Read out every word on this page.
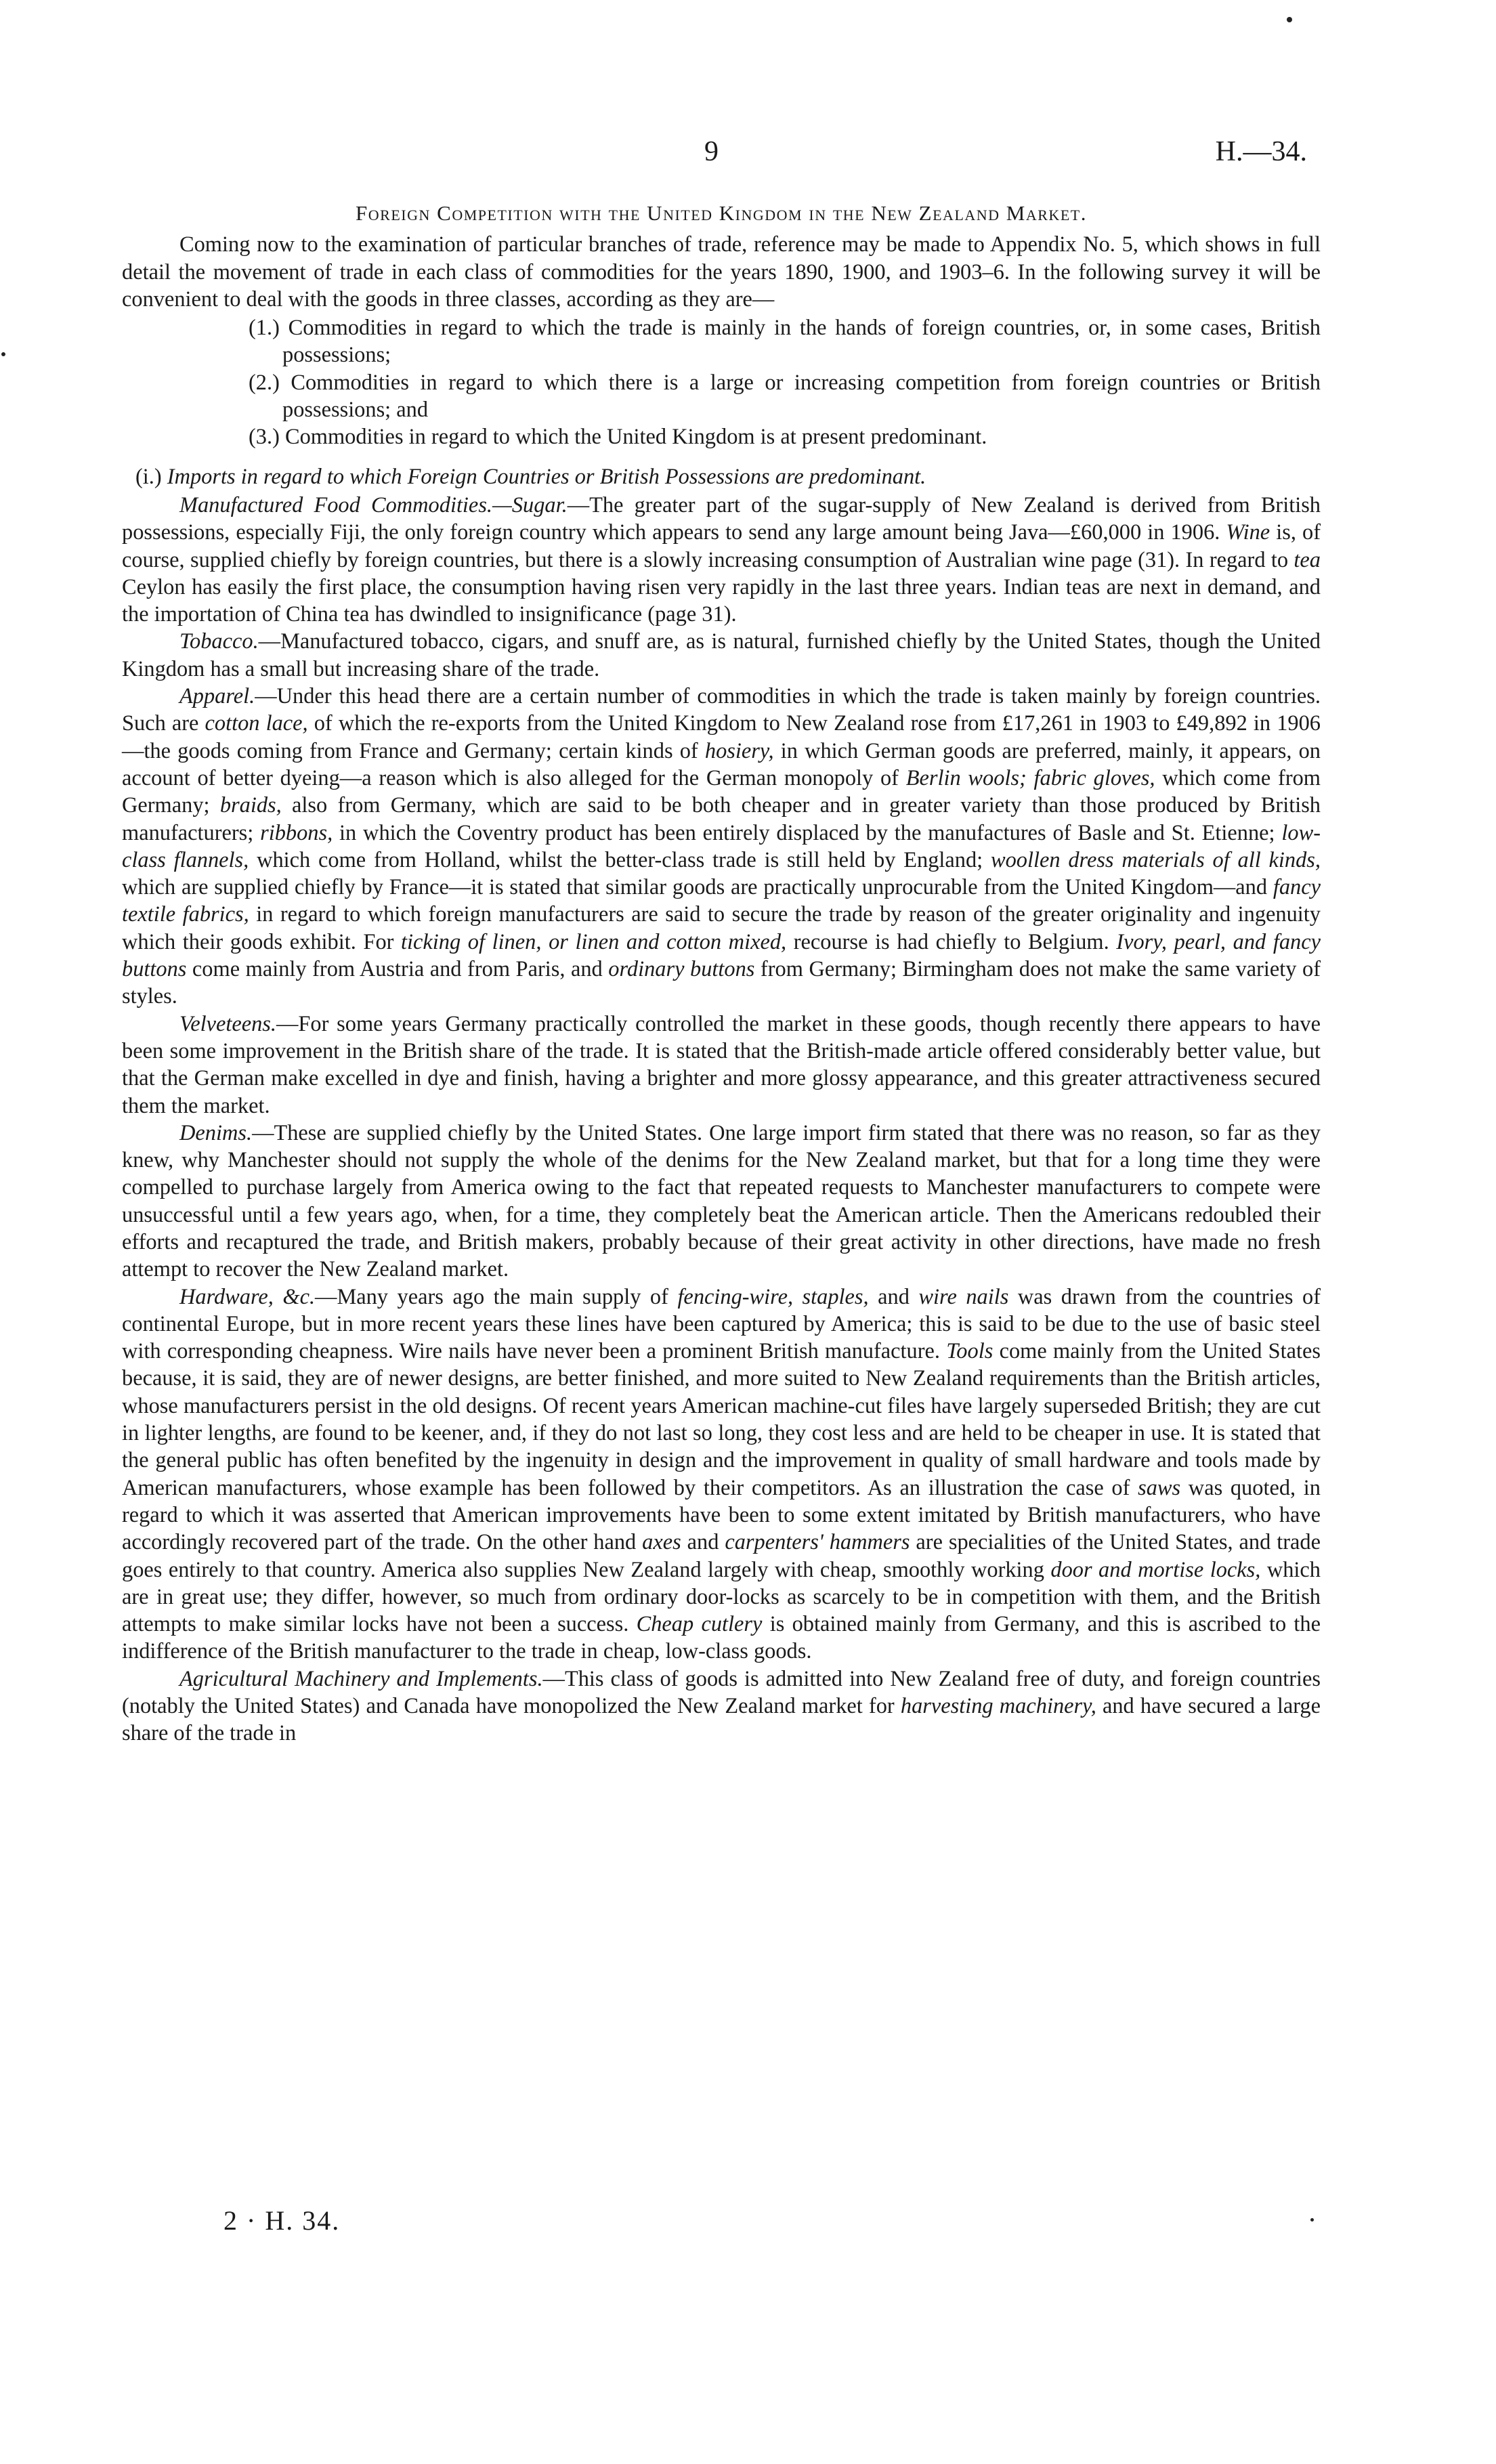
9	H.—34.
Foreign Competition with the United Kingdom in the New Zealand Market.

Coming now to the examination of particular branches of trade, reference may be made to Appendix No. 5, which shows in full detail the movement of trade in each class of commodities for the years 1890, 1900, and 1903–6. In the following survey it will be convenient to deal with the goods in three classes, according as they are—

(1.) Commodities in regard to which the trade is mainly in the hands of foreign countries, or, in some cases, British possessions;
(2.) Commodities in regard to which there is a large or increasing competition from foreign countries or British possessions; and
(3.) Commodities in regard to which the United Kingdom is at present predominant.
(i.) Imports in regard to which Foreign Countries or British Possessions are predominant.

Manufactured Food Commodities.—Sugar.—The greater part of the sugar-supply of New Zealand is derived from British possessions, especially Fiji, the only foreign country which appears to send any large amount being Java—£60,000 in 1906. Wine is, of course, supplied chiefly by foreign countries, but there is a slowly increasing consumption of Australian wine page (31). In regard to tea Ceylon has easily the first place, the consumption having risen very rapidly in the last three years. Indian teas are next in demand, and the importation of China tea has dwindled to insignificance (page 31).

Tobacco.—Manufactured tobacco, cigars, and snuff are, as is natural, furnished chiefly by the United States, though the United Kingdom has a small but increasing share of the trade.

Apparel.—Under this head there are a certain number of commodities in which the trade is taken mainly by foreign countries. Such are cotton lace, of which the re-exports from the United Kingdom to New Zealand rose from £17,261 in 1903 to £49,892 in 1906—the goods coming from France and Germany; certain kinds of hosiery, in which German goods are preferred, mainly, it appears, on account of better dyeing—a reason which is also alleged for the German monopoly of Berlin wools; fabric gloves, which come from Germany; braids, also from Germany, which are said to be both cheaper and in greater variety than those produced by British manufacturers; ribbons, in which the Coventry product has been entirely displaced by the manufactures of Basle and St. Etienne; low-class flannels, which come from Holland, whilst the better-class trade is still held by England; woollen dress materials of all kinds, which are supplied chiefly by France—it is stated that similar goods are practically unprocurable from the United Kingdom—and fancy textile fabrics, in regard to which foreign manufacturers are said to secure the trade by reason of the greater originality and ingenuity which their goods exhibit. For ticking of linen, or linen and cotton mixed, recourse is had chiefly to Belgium. Ivory, pearl, and fancy buttons come mainly from Austria and from Paris, and ordinary buttons from Germany; Birmingham does not make the same variety of styles.

Velveteens.—For some years Germany practically controlled the market in these goods, though recently there appears to have been some improvement in the British share of the trade. It is stated that the British-made article offered considerably better value, but that the German make excelled in dye and finish, having a brighter and more glossy appearance, and this greater attractiveness secured them the market.

Denims.—These are supplied chiefly by the United States. One large import firm stated that there was no reason, so far as they knew, why Manchester should not supply the whole of the denims for the New Zealand market, but that for a long time they were compelled to purchase largely from America owing to the fact that repeated requests to Manchester manufacturers to compete were unsuccessful until a few years ago, when, for a time, they completely beat the American article. Then the Americans redoubled their efforts and recaptured the trade, and British makers, probably because of their great activity in other directions, have made no fresh attempt to recover the New Zealand market.

Hardware, &c.—Many years ago the main supply of fencing-wire, staples, and wire nails was drawn from the countries of continental Europe, but in more recent years these lines have been captured by America; this is said to be due to the use of basic steel with corresponding cheapness. Wire nails have never been a prominent British manufacture. Tools come mainly from the United States because, it is said, they are of newer designs, are better finished, and more suited to New Zealand requirements than the British articles, whose manufacturers persist in the old designs. Of recent years American machine-cut files have largely superseded British; they are cut in lighter lengths, are found to be keener, and, if they do not last so long, they cost less and are held to be cheaper in use. It is stated that the general public has often benefited by the ingenuity in design and the improvement in quality of small hardware and tools made by American manufacturers, whose example has been followed by their competitors. As an illustration the case of saws was quoted, in regard to which it was asserted that American improvements have been to some extent imitated by British manufacturers, who have accordingly recovered part of the trade. On the other hand axes and carpenters' hammers are specialities of the United States, and trade goes entirely to that country. America also supplies New Zealand largely with cheap, smoothly working door and mortise locks, which are in great use; they differ, however, so much from ordinary door-locks as scarcely to be in competition with them, and the British attempts to make similar locks have not been a success. Cheap cutlery is obtained mainly from Germany, and this is ascribed to the indifference of the British manufacturer to the trade in cheap, low-class goods.

Agricultural Machinery and Implements.—This class of goods is admitted into New Zealand free of duty, and foreign countries (notably the United States) and Canada have monopolized the New Zealand market for harvesting machinery, and have secured a large share of the trade in

2 · H. 34.
